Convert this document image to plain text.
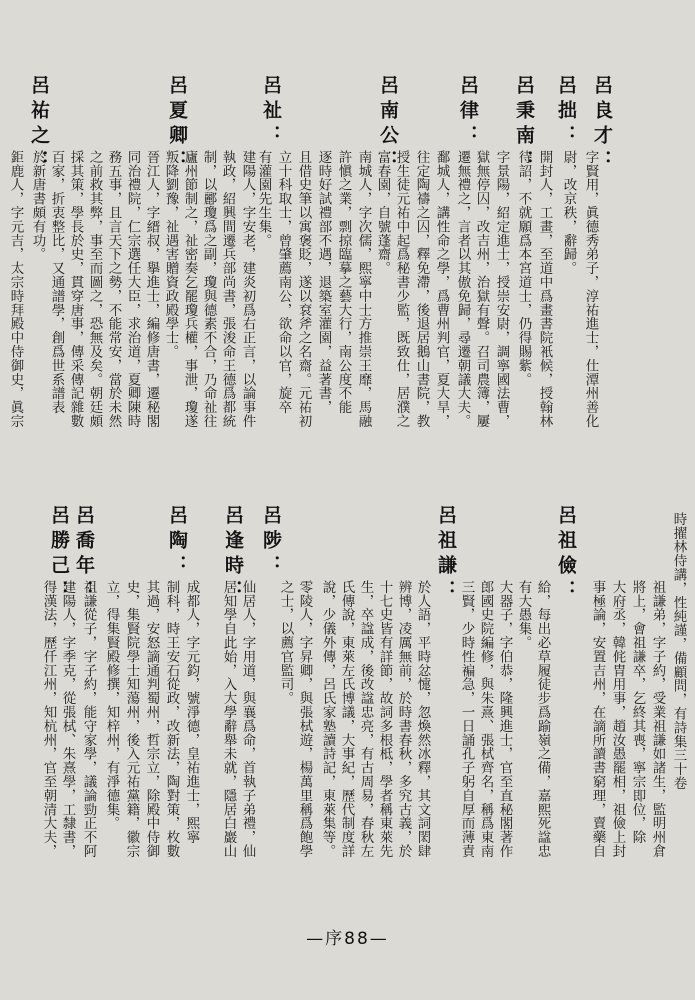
呂良才：
字賢用，眞德秀弟子，淳祐進士，仕潭州善化
尉，改京秩，辭歸。
呂拙：
開封人，工畫，至道中爲畫書院衹候，授翰林
待詔，不就願爲本宮道士，仍得賜紫。
呂秉南：
字景陽，紹定進士，授崇安尉，調寧國法曹，
獄無停囚，改吉州，治獄有聲。召司農簿，屢
遷無禮之，言者以其傲免歸，尋遷朝議大夫。
呂律：
鄱城人，講性命之學，爲曹州判官，夏大旱，
往定陶禱之囚，釋免滯，後退居鵝山書院，教
授生徒元祐中起爲秘書少監，既致仕，居濮之
富春園，自號蓬齋。
呂南公：
南城人，字次儒，熙寧中士方推崇王靡，馬融
許愼之業，剽掠臨摹之藝大行，南公度不能
逐時好試禮部不遇，退築室灌園，益著書，
且借史筆以寓褒貶，遂以袞斧之名齋。元祐初
立十科取士，曾肇薦南公，欲命以官，旋卒
有灌園先生集。
呂祉：
建陽人，字安老，建炎初爲右正言，以論事件
執政，紹興間遷兵部尚書，張浚命王德爲都統
制，以酈瓊爲之副，瓊與德素不合，乃命祉往
廬州節制之，祉密奏乞罷瓊兵權，事泄，瓊遂
叛降劉豫，祉遇害贈資政殿學士。
呂夏卿：
晉江人，字縉叔，擧進士，編修唐書，遷秘閣
同治禮院，仁宗選任大臣，求治道，夏卿陳時
務五事，且言天下之勢，不能常安，當於未然
之前救其弊，事至而圖之，恐無及矣。朝廷頗
採其策，學長於史，貫穿唐事，傳采傳記雜數
百家，折衷整比，又通譜學，創爲世系譜表
於新唐書頗有功。
呂祐之：
鉅鹿人，字元吉，太宗時拜殿中侍御史，眞宗
時擢林侍講，性純謹，備顧問，有詩集三十卷
呂祖儉：
祖謙弟，字子約，受業祖謙如諸生，監明州倉
將上，會祖謙卒，乞終其喪，寧宗即位，除
大府丞，韓侂胄用事，趙汝愚罷相，祖儉上封
事極論，安置吉州，在謫所讀書窮理，賣藥自
給，每出必草履徒步爲踰嶺之備，嘉熙死諡忠
有大愚集。
呂祖謙：
大器子，字伯恭，隆興進士，官至直秘閣著作
郎國史院編修，與朱熹、張栻齊名，稱爲東南
三賢，少時性褊急，一日誦孔子躬自厚而薄責
於人語，平時忿懥，忽煥然冰釋，其文詞閎肆
辨博，凌厲無前，於時書春秋，多究古義，於
十七史皆有詳節，故詞多根柢，學者稱東萊先
生，卒諡成，後改諡忠亮，有古周易，春秋左
氏傳說，東萊左氏博議，大事紀，歷代制度詳
說，少儀外傳，呂氏家塾讀詩記，東萊集等。
呂陟：
零陵人，字昇卿，與張栻遊，楊萬里稱爲飽學
之士，以薦官監司。
呂逢時：
仙居人，字用道，與襄爲命，首執子弟禮，仙
居知學自此始，入大學辭舉未就，隱居白巖山
呂陶：
成都人，字元鈞，號淨德，皇祐進士，熙寧
制科，時王安石從政，改新法，陶對策，枚數
其過，安怒謫通判蜀州，哲宗立，除殿中侍御
史，集賢院學士知蕩州，後入元祐黨籍，徽宗
立，得集賢殿修撰，知梓州，有淨德集。
呂喬年：
祖謙從子，字子約，能守家學，議論勁正不阿
呂勝己：
建陽人，字季克，從張栻、朱熹學，工隸書，
得漢法，歷仟江州，知杭州，官至朝清大夫，
—序88—
